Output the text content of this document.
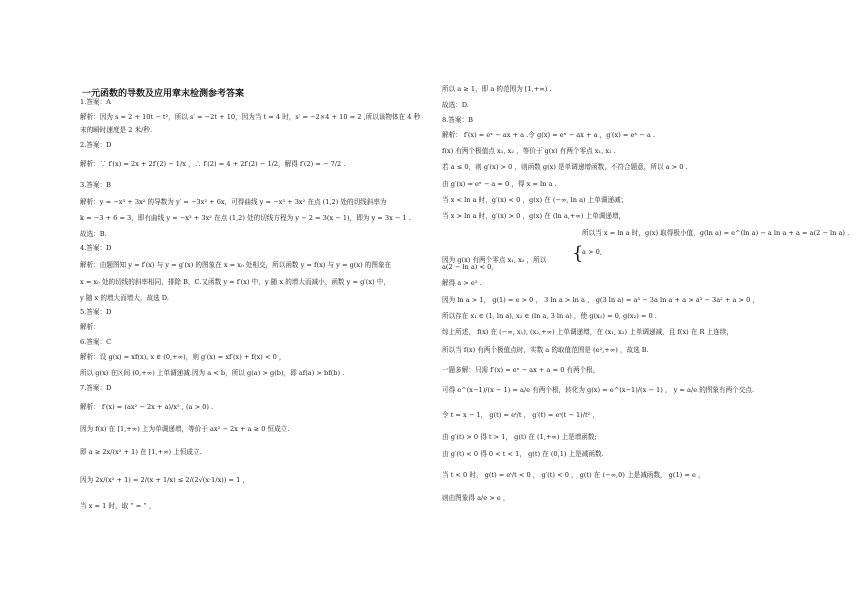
一元函数的导数及应用章末检测参考答案
1.答案：A
解析：因为 s = 2 + 10t − t²，所以 s′ = −2t + 10，因为当 t = 4 时，s′ = −2×4 + 10 = 2 ,所以该物体在 4 秒
末的瞬时速度是 2 米/秒.
2.答案：D
解析：∵ f′(x) = 2x + 2f′(2) − 1/x ，∴ f′(2) = 4 + 2f′(2) − 1/2，解得 f′(2) = − 7/2 .
3.答案：B
解析：y = −x³ + 3x² 的导数为 y′ = −3x² + 6x，可得曲线 y = −x³ + 3x² 在点 (1,2) 处的切线斜率为
k = −3 + 6 = 3，即有曲线 y = −x³ + 3x² 在点 (1,2) 处的切线方程为 y − 2 = 3(x − 1)，即为 y = 3x − 1 .
故选：B.
4.答案：D
解析：由题图知 y = f′(x) 与 y = g′(x) 的图象在 x = x₀ 处相交，所以函数 y = f(x) 与 y = g(x) 的图象在
x = x₀ 处的切线的斜率相同，排除 B，C.又函数 y = f′(x) 中，y 随 x 的增大而减小，函数 y = g′(x) 中，
y 随 x 的增大而增大，故选 D.
5.答案：D
解析：
6.答案：C
解析：设 g(x) = xf(x), x ∈ (0,+∞)，则 g′(x) = xf′(x) + f(x) < 0 ，
所以 g(x) 在区间 (0,+∞) 上单调递减.因为 a < b，所以 g(a) > g(b)，即 af(a) > bf(b) .
7.答案：D
解析： f′(x) = (ax² − 2x + a)/x² , (a > 0) .
因为 f(x) 在 [1,+∞) 上为单调递增，等价于 ax² − 2x + a ≥ 0 恒成立.
即 a ≥ 2x/(x² + 1) 在 [1,+∞) 上恒成立.
因为 2x/(x² + 1) = 2/(x + 1/x) ≤ 2/(2√(x·1/x)) = 1 ，
当 x = 1 时，取 “ = ” ，
所以 a ≥ 1，即 a 的范围为 [1,+∞) .
故选：D.
8.答案：B
解析： f′(x) = eˣ − ax + a .令 g(x) = eˣ − ax + a ，g′(x) = eˣ − a .
f(x) 有两个极值点 x₁, x₂ ，等价于 g(x) 有两个零点 x₁, x₂ .
若 a ≤ 0，则 g′(x) > 0 ，则函数 g(x) 是单调递增函数，不符合题意，所以 a > 0 .
由 g′(x) = eˣ − a = 0 ，得 x = ln a .
当 x < ln a 时，g′(x) < 0 ，g(x) 在 (−∞, ln a) 上单调递减；
当 x > ln a 时，g′(x) > 0 ，g(x) 在 (ln a,+∞) 上单调递增，
所以当 x = ln a 时，g(x) 取得极小值，g(ln a) = e^(ln a) − a ln a + a = a(2 − ln a) .
a > 0,
a(2 − ln a) < 0,
因为 g(x) 有两个零点 x₁, x₂ ，所以
解得 a > e² .
因为 ln a > 1， g(1) = e > 0 ， 3 ln a > ln a ， g(3 ln a) = a³ − 3a ln a + a > a³ − 3a² + a > 0 ，
所以存在 x₁ ∈ (1, ln a), x₂ ∈ (ln a, 3 ln a) ，使 g(x₁) = 0, g(x₂) = 0 .
综上所述， f(x) 在 (−∞, x₁), (x₂,+∞) 上单调递增，在 (x₁, x₂) 上单调递减，且 f(x) 在 R 上连续，
所以当 f(x) 有两个极值点时，实数 a 的取值范围是 (e²,+∞) ，故选 B.
一题多解：只需 f′(x) = eˣ − ax + a = 0 有两个根，
可得 e^(x−1)/(x − 1) = a/e 有两个根，转化为 g(x) = e^(x−1)/(x − 1) ， y = a/e 的图象有两个交点.
令 t = x − 1， g(t) = eᵗ/t ， g′(t) = eᵗ(t − 1)/t² ，
由 g′(t) > 0 得 t > 1， g(t) 在 (1,+∞) 上是增函数;
由 g′(t) < 0 得 0 < t < 1， g(t) 在 (0,1) 上是减函数.
当 t < 0 时， g(t) = eᵗ/t < 0 ， g′(t) < 0 ， g(t) 在 (−∞,0) 上是减函数， g(1) = e ，
则由图象得 a/e > e ，
{
